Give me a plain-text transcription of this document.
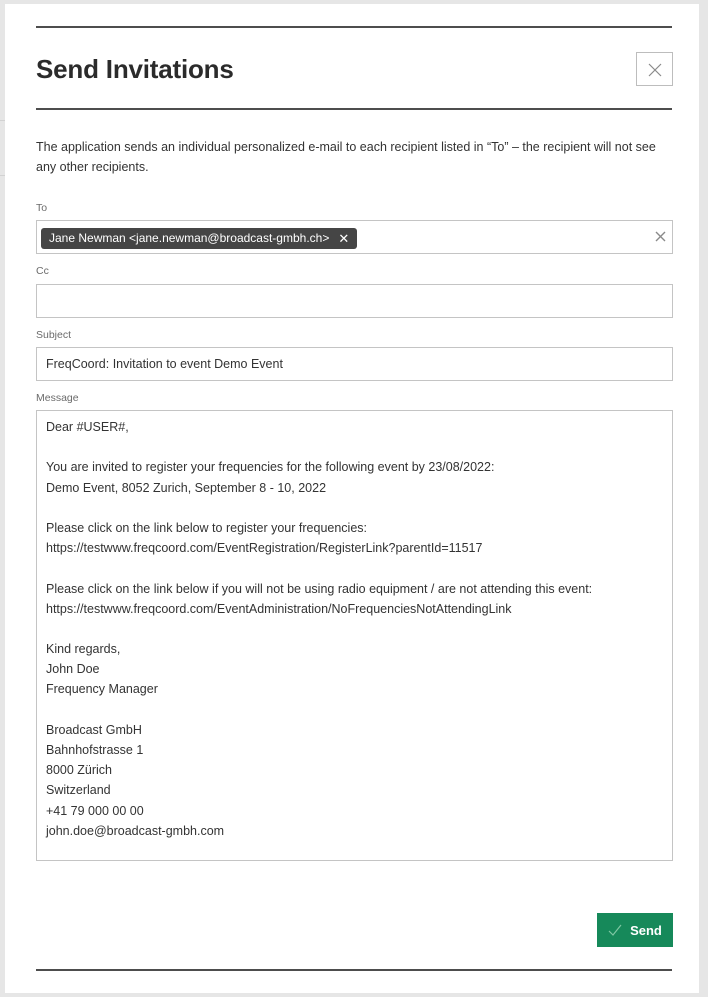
Send Invitations

The application sends an individual personalized e-mail to each recipient listed in “To” – the recipient will not see any other recipients.

To
Jane Newman <jane.newman@broadcast-gmbh.ch> ✕
Cc
Subject
FreqCoord: Invitation to event Demo Event
Message
Dear #USER#,
You are invited to register your frequencies for the following event by 23/08/2022:
Demo Event, 8052 Zurich, September 8 - 10, 2022
Please click on the link below to register your frequencies:
https://testwww.freqcoord.com/EventRegistration/RegisterLink?parentId=11517
Please click on the link below if you will not be using radio equipment / are not attending this event:
https://testwww.freqcoord.com/EventAdministration/NoFrequenciesNotAttendingLink
Kind regards,
John Doe
Frequency Manager
Broadcast GmbH
Bahnhofstrasse 1
8000 Zürich
Switzerland
+41 79 000 00 00
john.doe@broadcast-gmbh.com
Send
